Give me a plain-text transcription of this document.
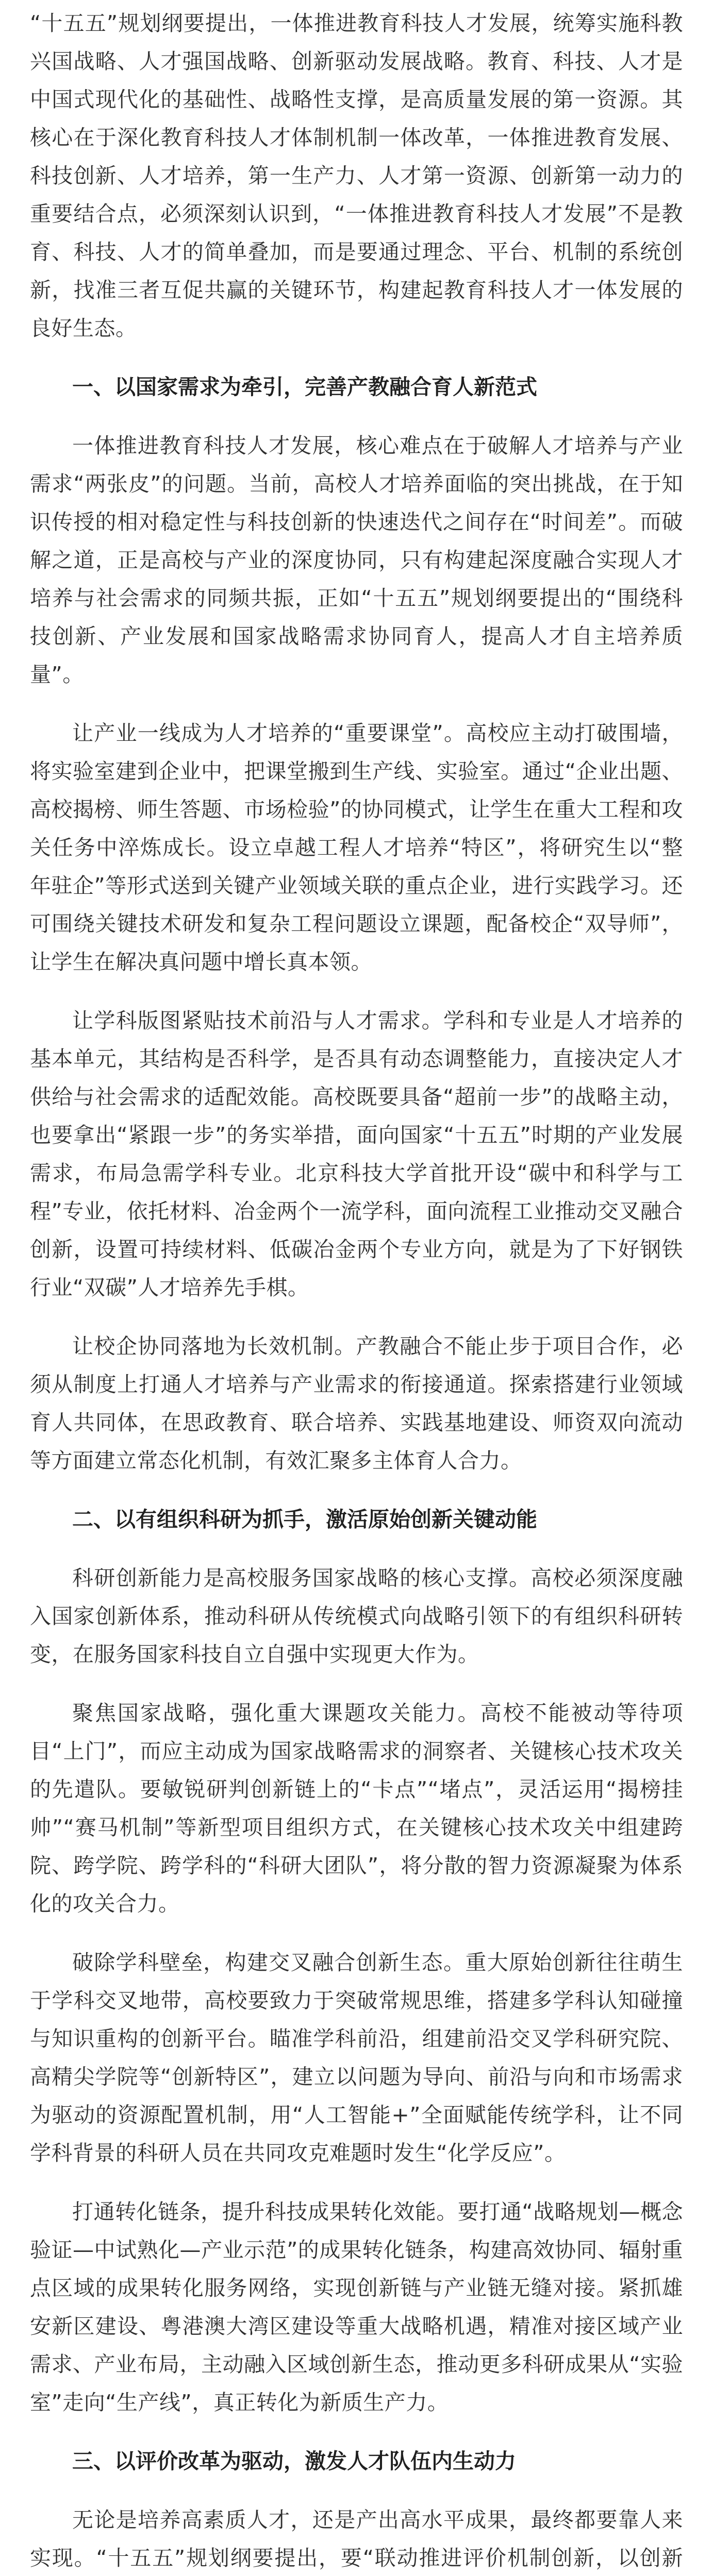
“十五五”规划纲要提出，一体推进教育科技人才发展，统筹实施科教兴国战略、人才强国战略、创新驱动发展战略。教育、科技、人才是中国式现代化的基础性、战略性支撑，是高质量发展的第一资源。其核心在于深化教育科技人才体制机制一体改革，一体推进教育发展、科技创新、人才培养，第一生产力、人才第一资源、创新第一动力的重要结合点，必须深刻认识到，“一体推进教育科技人才发展”不是教育、科技、人才的简单叠加，而是要通过理念、平台、机制的系统创新，找准三者互促共赢的关键环节，构建起教育科技人才一体发展的良好生态。

一、以国家需求为牵引，完善产教融合育人新范式

一体推进教育科技人才发展，核心难点在于破解人才培养与产业需求“两张皮”的问题。当前，高校人才培养面临的突出挑战，在于知识传授的相对稳定性与科技创新的快速迭代之间存在“时间差”。而破解之道，正是高校与产业的深度协同，只有构建起深度融合实现人才培养与社会需求的同频共振，正如“十五五”规划纲要提出的“围绕科技创新、产业发展和国家战略需求协同育人，提高人才自主培养质量”。

让产业一线成为人才培养的“重要课堂”。高校应主动打破围墙，将实验室建到企业中，把课堂搬到生产线、实验室。通过“企业出题、高校揭榜、师生答题、市场检验”的协同模式，让学生在重大工程和攻关任务中淬炼成长。设立卓越工程人才培养“特区”，将研究生以“整年驻企”等形式送到关键产业领域关联的重点企业，进行实践学习。还可围绕关键技术研发和复杂工程问题设立课题，配备校企“双导师”，让学生在解决真问题中增长真本领。

让学科版图紧贴技术前沿与人才需求。学科和专业是人才培养的基本单元，其结构是否科学，是否具有动态调整能力，直接决定人才供给与社会需求的适配效能。高校既要具备“超前一步”的战略主动，也要拿出“紧跟一步”的务实举措，面向国家“十五五”时期的产业发展需求，布局急需学科专业。北京科技大学首批开设“碳中和科学与工程”专业，依托材料、冶金两个一流学科，面向流程工业推动交叉融合创新，设置可持续材料、低碳冶金两个专业方向，就是为了下好钢铁行业“双碳”人才培养先手棋。

让校企协同落地为长效机制。产教融合不能止步于项目合作，必须从制度上打通人才培养与产业需求的衔接通道。探索搭建行业领域育人共同体，在思政教育、联合培养、实践基地建设、师资双向流动等方面建立常态化机制，有效汇聚多主体育人合力。

二、以有组织科研为抓手，激活原始创新关键动能

科研创新能力是高校服务国家战略的核心支撑。高校必须深度融入国家创新体系，推动科研从传统模式向战略引领下的有组织科研转变，在服务国家科技自立自强中实现更大作为。

聚焦国家战略，强化重大课题攻关能力。高校不能被动等待项目“上门”，而应主动成为国家战略需求的洞察者、关键核心技术攻关的先遣队。要敏锐研判创新链上的“卡点”“堵点”，灵活运用“揭榜挂帅”“赛马机制”等新型项目组织方式，在关键核心技术攻关中组建跨院、跨学院、跨学科的“科研大团队”，将分散的智力资源凝聚为体系化的攻关合力。

破除学科壁垒，构建交叉融合创新生态。重大原始创新往往萌生于学科交叉地带，高校要致力于突破常规思维，搭建多学科认知碰撞与知识重构的创新平台。瞄准学科前沿，组建前沿交叉学科研究院、高精尖学院等“创新特区”，建立以问题为导向、前沿与向和市场需求为驱动的资源配置机制，用“人工智能+”全面赋能传统学科，让不同学科背景的科研人员在共同攻克难题时发生“化学反应”。

打通转化链条，提升科技成果转化效能。要打通“战略规划—概念验证—中试熟化—产业示范”的成果转化链条，构建高效协同、辐射重点区域的成果转化服务网络，实现创新链与产业链无缝对接。紧抓雄安新区建设、粤港澳大湾区建设等重大战略机遇，精准对接区域产业需求、产业布局，主动融入区域创新生态，推动更多科研成果从“实验室”走向“生产线”，真正转化为新质生产力。

三、以评价改革为驱动，激发人才队伍内生动力

无论是培养高素质人才，还是产出高水平成果，最终都要靠人来实现。“十五五”规划纲要提出，要“联动推进评价机制创新，以创新
